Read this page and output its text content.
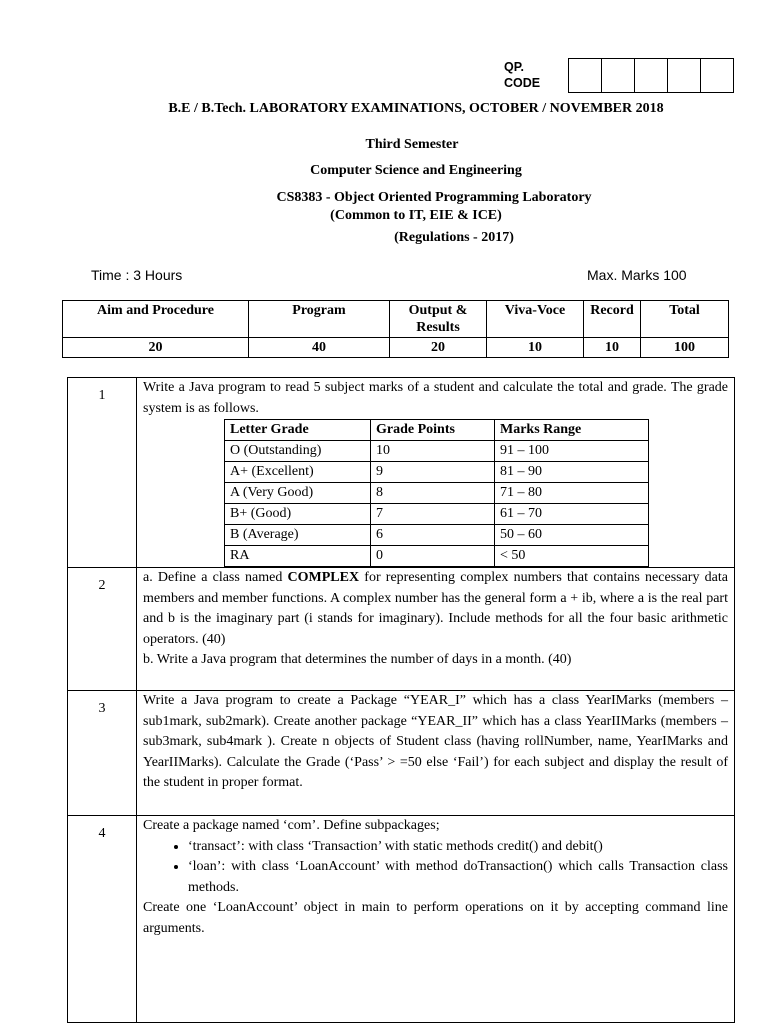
QP.
CODE
B.E / B.Tech. LABORATORY EXAMINATIONS, OCTOBER / NOVEMBER 2018
Third Semester
Computer Science and Engineering
CS8383 - Object Oriented Programming Laboratory
(Common to IT, EIE & ICE)
(Regulations - 2017)
Time : 3 Hours	Max. Marks 100
Aim and Procedure	Program	Output & Results	Viva-Voce	Record	Total
20	40	20	10	10	100
1	

Write a Java program to read 5 subject marks of a student and calculate the total and grade. The grade system is as follows.

Letter Grade	Grade Points	Marks Range
O (Outstanding)	10	91 – 100
A+ (Excellent)	9	81 – 90
A (Very Good)	8	71 – 80
B+ (Good)	7	61 – 70
B (Average)	6	50 – 60
RA	0	< 50

2	

a. Define a class named COMPLEX for representing complex numbers that contains necessary data members and member functions. A complex number has the general form a + ib, where a is the real part and b is the imaginary part (i stands for imaginary). Include methods for all the four basic arithmetic operators. (40)

b. Write a Java program that determines the number of days in a month. (40)

3	

Write a Java program to create a Package “YEAR_I” which has a class YearIMarks (members – sub1mark, sub2mark). Create another package “YEAR_II” which has a class YearIIMarks (members – sub3mark, sub4mark ). Create n objects of Student class (having rollNumber, name, YearIMarks and YearIIMarks). Calculate the Grade (‘Pass’ > =50 else ‘Fail’) for each subject and display the result of the student in proper format.

4	

Create a package named ‘com’. Define subpackages;

• ‘transact’: with class ‘Transaction’ with static methods credit() and debit()
• ‘loan’: with class ‘LoanAccount’ with method doTransaction() which calls Transaction class methods.

Create one ‘LoanAccount’ object in main to perform operations on it by accepting command line arguments.
